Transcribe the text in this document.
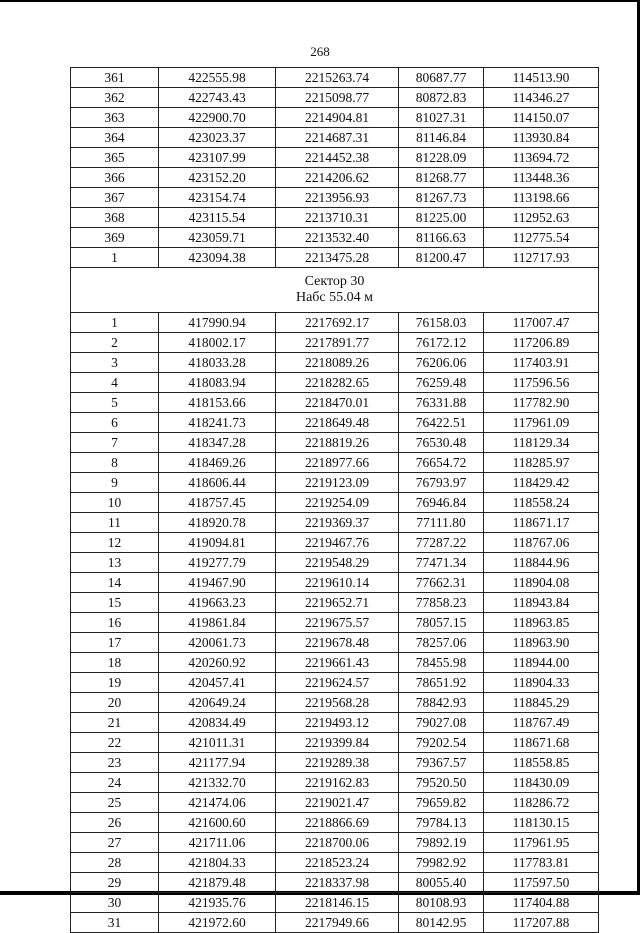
268
361	422555.98	2215263.74	80687.77	114513.90
362	422743.43	2215098.77	80872.83	114346.27
363	422900.70	2214904.81	81027.31	114150.07
364	423023.37	2214687.31	81146.84	113930.84
365	423107.99	2214452.38	81228.09	113694.72
366	423152.20	2214206.62	81268.77	113448.36
367	423154.74	2213956.93	81267.73	113198.66
368	423115.54	2213710.31	81225.00	112952.63
369	423059.71	2213532.40	81166.63	112775.54
1	423094.38	2213475.28	81200.47	112717.93

Сектор 30
Набс 55.04 м				

1	417990.94	2217692.17	76158.03	117007.47
2	418002.17	2217891.77	76172.12	117206.89
3	418033.28	2218089.26	76206.06	117403.91
4	418083.94	2218282.65	76259.48	117596.56
5	418153.66	2218470.01	76331.88	117782.90
6	418241.73	2218649.48	76422.51	117961.09
7	418347.28	2218819.26	76530.48	118129.34
8	418469.26	2218977.66	76654.72	118285.97
9	418606.44	2219123.09	76793.97	118429.42
10	418757.45	2219254.09	76946.84	118558.24
11	418920.78	2219369.37	77111.80	118671.17
12	419094.81	2219467.76	77287.22	118767.06
13	419277.79	2219548.29	77471.34	118844.96
14	419467.90	2219610.14	77662.31	118904.08
15	419663.23	2219652.71	77858.23	118943.84
16	419861.84	2219675.57	78057.15	118963.85
17	420061.73	2219678.48	78257.06	118963.90
18	420260.92	2219661.43	78455.98	118944.00
19	420457.41	2219624.57	78651.92	118904.33
20	420649.24	2219568.28	78842.93	118845.29
21	420834.49	2219493.12	79027.08	118767.49
22	421011.31	2219399.84	79202.54	118671.68
23	421177.94	2219289.38	79367.57	118558.85
24	421332.70	2219162.83	79520.50	118430.09
25	421474.06	2219021.47	79659.82	118286.72
26	421600.60	2218866.69	79784.13	118130.15
27	421711.06	2218700.06	79892.19	117961.95
28	421804.33	2218523.24	79982.92	117783.81
29	421879.48	2218337.98	80055.40	117597.50
30	421935.76	2218146.15	80108.93	117404.88
31	421972.60	2217949.66	80142.95	117207.88
